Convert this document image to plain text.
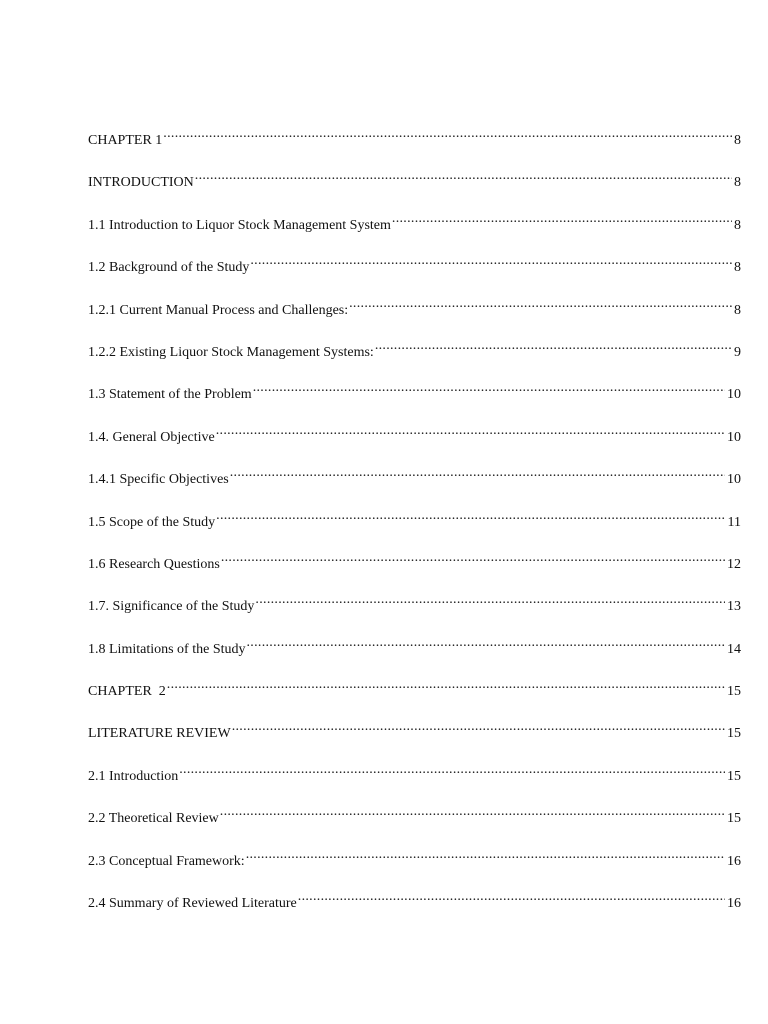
CHAPTER 1 .....	8
INTRODUCTION .....	8
1.1 Introduction to Liquor Stock Management System .....	8
1.2 Background of the Study .....	8
1.2.1 Current Manual Process and Challenges: .....	8
1.2.2 Existing Liquor Stock Management Systems: .....	9
1.3 Statement of the Problem .....	10
1.4. General Objective .....	10
1.4.1 Specific Objectives .....	10
1.5 Scope of the Study .....	11
1.6 Research Questions .....	12
1.7. Significance of the Study .....	13
1.8 Limitations of the Study .....	14
CHAPTER  2 .....	15
LITERATURE REVIEW .....	15
2.1 Introduction .....	15
2.2 Theoretical Review .....	15
2.3 Conceptual Framework: .....	16
2.4 Summary of Reviewed Literature .....	16
